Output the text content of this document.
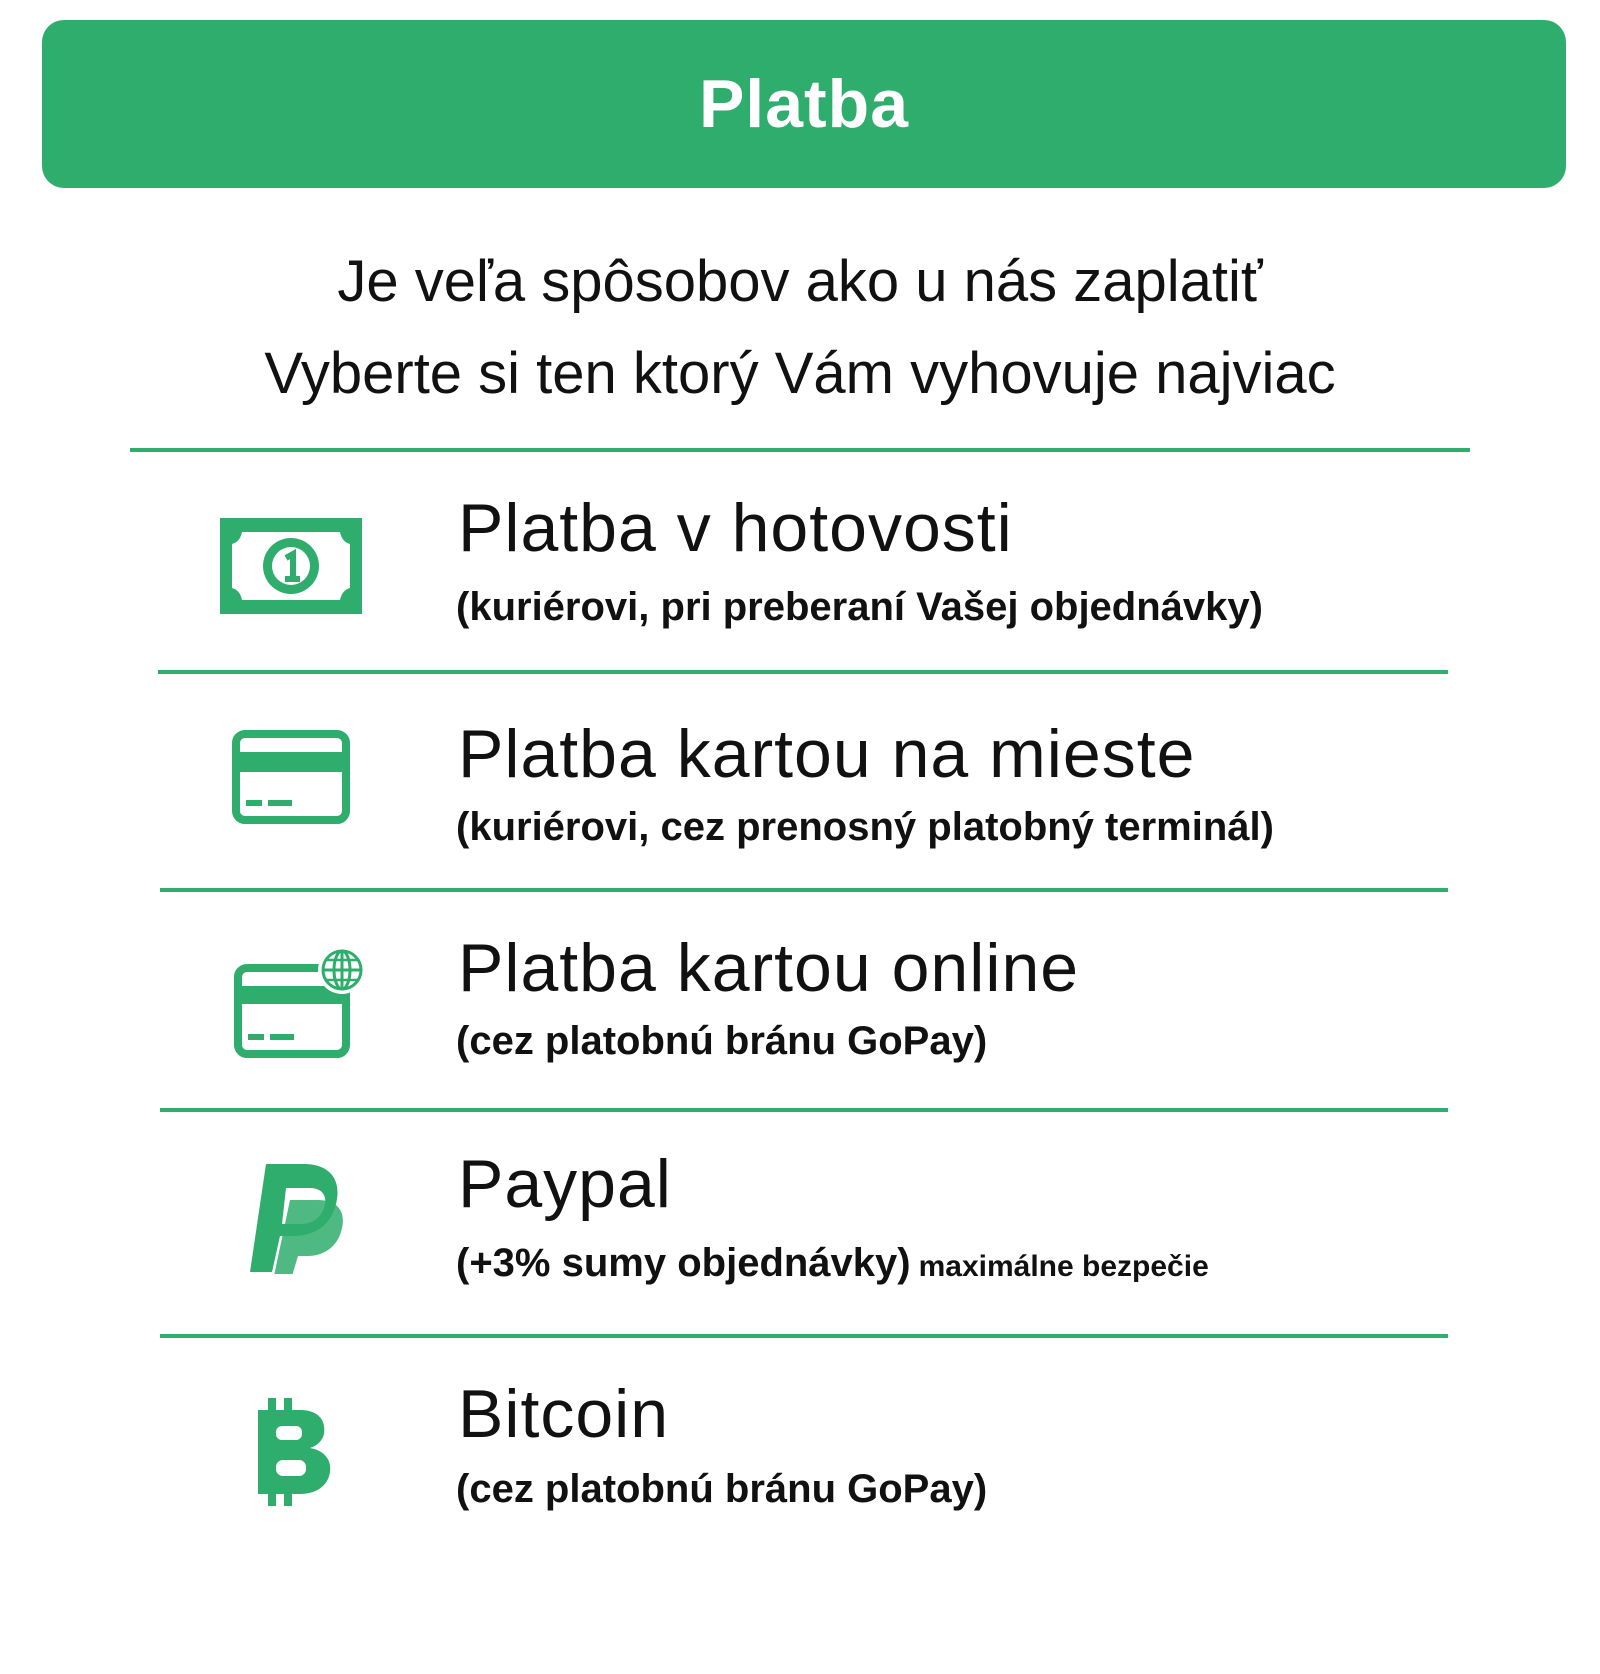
Platba
Je veľa spôsobov ako u nás zaplatiť
Vyberte si ten ktorý Vám vyhovuje najviac
Platba v hotovosti
(kuriérovi, pri preberaní Vašej objednávky)
Platba kartou na mieste
(kuriérovi, cez prenosný platobný terminál)
Platba kartou online
(cez platobnú bránu GoPay)
Paypal
(+3% sumy objednávky) maximálne bezpečie
Bitcoin
(cez platobnú bránu GoPay)
